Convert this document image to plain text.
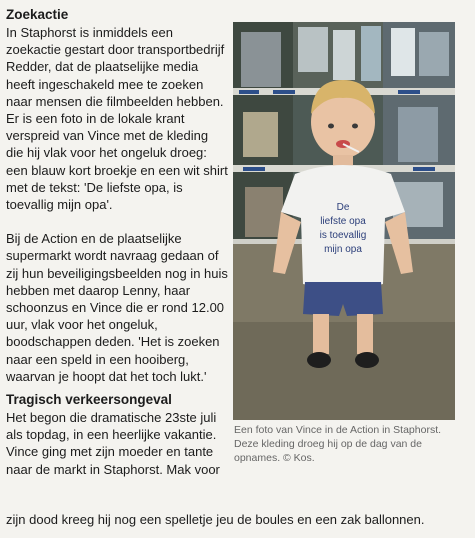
Zoekactie

In Staphorst is inmiddels een zoekactie gestart door transportbedrijf Redder, dat de plaatselijke media heeft ingeschakeld mee te zoeken naar mensen die filmbeelden hebben. Er is een foto in de lokale krant verspreid van Vince met de kleding die hij vlak voor het ongeluk droeg: een blauw kort broekje en een wit shirt met de tekst: 'De liefste opa, is toevallig mijn opa'.

Bij de Action en de plaatselijke supermarkt wordt navraag gedaan of zij hun beveiligingsbeelden nog in huis hebben met daarop Lenny, haar schoonzus en Vince die er rond 12.00 uur, vlak voor het ongeluk, boodschappen deden. 'Het is zoeken naar een speld in een hooiberg, waarvan je hoopt dat het toch lukt.'

Tragisch verkeersongeval

Het begon die dramatische 23ste juli als topdag, in een heerlijke vakantie. Vince ging met zijn moeder en tante naar de markt in Staphorst. Mak voor

zijn dood kreeg hij nog een spelletje jeu de boules en een zak ballonnen.

De
liefste opa
is toevallig
mijn opa
Een foto van Vince in de Action in Staphorst. Deze kleding droeg hij op de dag van de opnames. © Kos.
